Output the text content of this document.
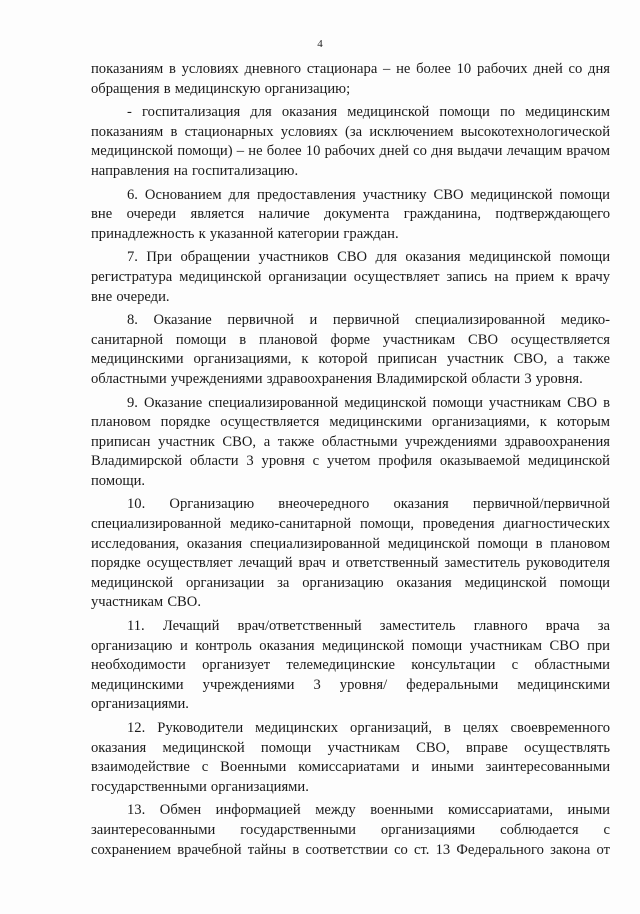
4

показаниям в условиях дневного стационара – не более 10 рабочих дней со дня обращения в медицинскую организацию;

- госпитализация для оказания медицинской помощи по медицинским показаниям в стационарных условиях (за исключением высокотехнологической медицинской помощи) – не более 10 рабочих дней со дня выдачи лечащим врачом направления на госпитализацию.

6. Основанием для предоставления участнику СВО медицинской помощи вне очереди является наличие документа гражданина, подтверждающего принадлежность к указанной категории граждан.

7. При обращении участников СВО для оказания медицинской помощи регистратура медицинской организации осуществляет запись на прием к врачу вне очереди.

8. Оказание первичной и первичной специализированной медико-санитарной помощи в плановой форме участникам СВО осуществляется медицинскими организациями, к которой приписан участник СВО, а также областными учреждениями здравоохранения Владимирской области 3 уровня.

9. Оказание специализированной медицинской помощи участникам СВО в плановом порядке осуществляется медицинскими организациями, к которым приписан участник СВО, а также областными учреждениями здравоохранения Владимирской области 3 уровня с учетом профиля оказываемой медицинской помощи.

10. Организацию внеочередного оказания первичной/первичной специализированной медико-санитарной помощи, проведения диагностических исследования, оказания специализированной медицинской помощи в плановом порядке осуществляет лечащий врач и ответственный заместитель руководителя медицинской организации за организацию оказания медицинской помощи участникам СВО.

11. Лечащий врач/ответственный заместитель главного врача за организацию и контроль оказания медицинской помощи участникам СВО при необходимости организует телемедицинские консультации с областными медицинскими учреждениями 3 уровня/ федеральными медицинскими организациями.

12. Руководители медицинских организаций, в целях своевременного оказания медицинской помощи участникам СВО, вправе осуществлять взаимодействие с Военными комиссариатами и иными заинтересованными государственными организациями.

13. Обмен информацией между военными комиссариатами, иными заинтересованными государственными организациями соблюдается с сохранением врачебной тайны в соответствии со ст. 13 Федерального закона от
